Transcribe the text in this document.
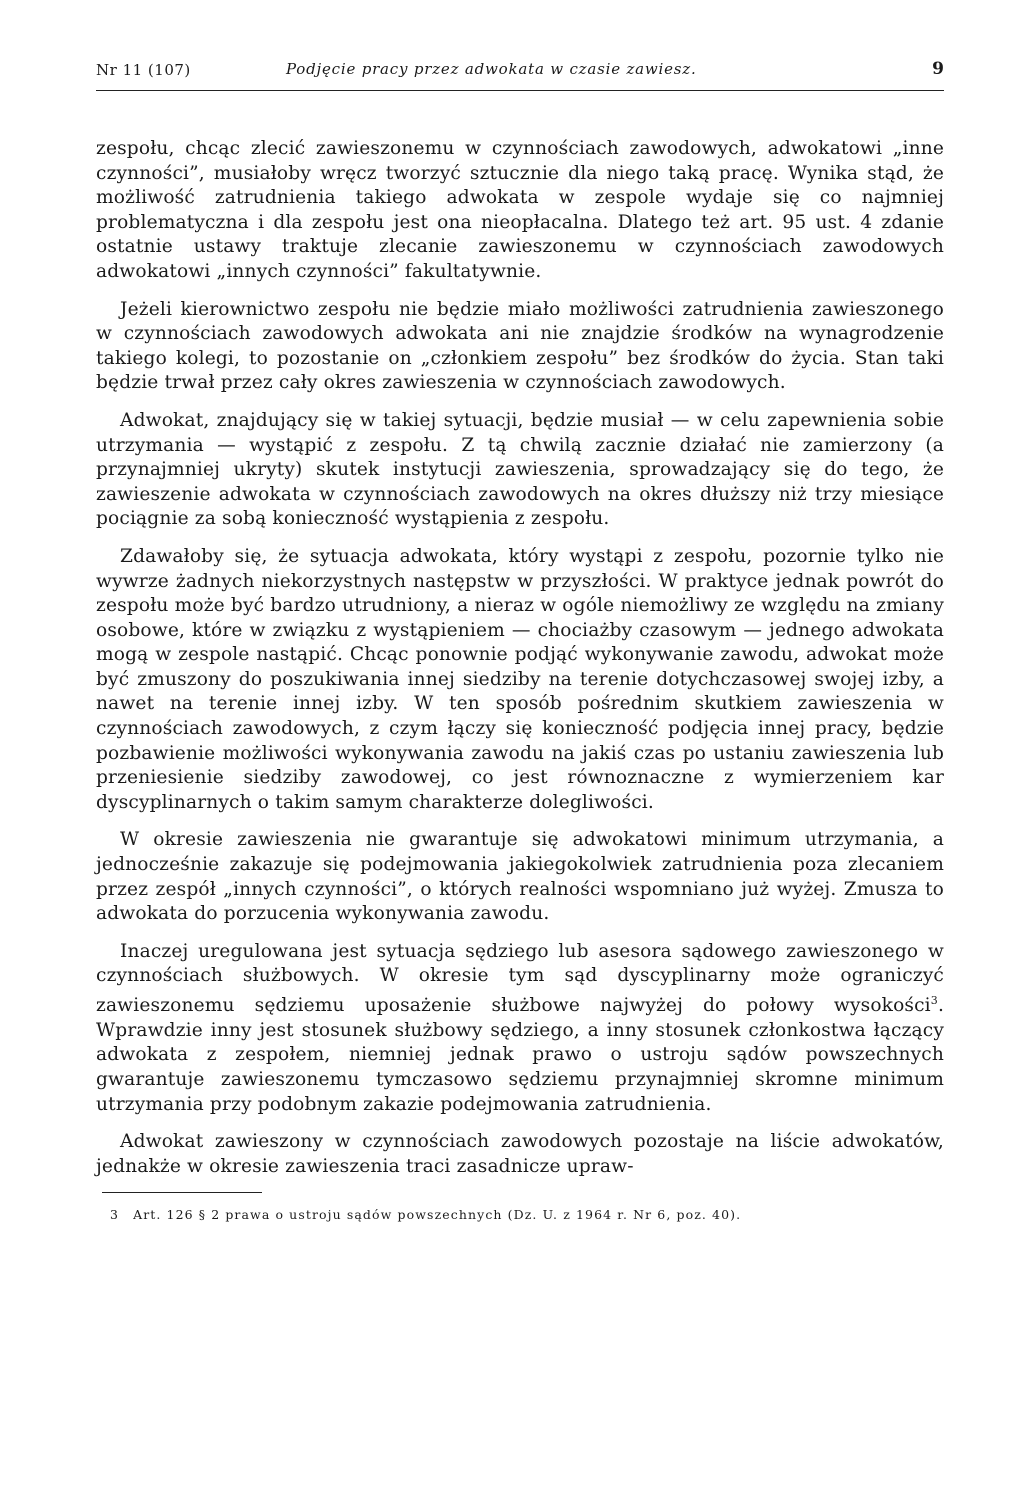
Nr 11 (107)	Podjęcie pracy przez adwokata w czasie zawiesz.	9

zespołu, chcąc zlecić zawieszonemu w czynnościach zawodowych, adwokatowi „inne czynności”, musiałoby wręcz tworzyć sztucznie dla niego taką pracę. Wynika stąd, że możliwość zatrudnienia takiego adwokata w zespole wydaje się co najmniej problematyczna i dla zespołu jest ona nieopłacalna. Dlatego też art. 95 ust. 4 zdanie ostatnie ustawy traktuje zlecanie zawieszonemu w czynnościach zawodowych adwokatowi „innych czynności” fakultatywnie.

Jeżeli kierownictwo zespołu nie będzie miało możliwości zatrudnienia zawieszonego w czynnościach zawodowych adwokata ani nie znajdzie środków na wynagrodzenie takiego kolegi, to pozostanie on „członkiem zespołu” bez środków do życia. Stan taki będzie trwał przez cały okres zawieszenia w czynnościach zawodowych.

Adwokat, znajdujący się w takiej sytuacji, będzie musiał — w celu zapewnienia sobie utrzymania — wystąpić z zespołu. Z tą chwilą zacznie działać nie zamierzony (a przynajmniej ukryty) skutek instytucji zawieszenia, sprowadzający się do tego, że zawieszenie adwokata w czynnościach zawodowych na okres dłuższy niż trzy miesiące pociągnie za sobą konieczność wystąpienia z zespołu.

Zdawałoby się, że sytuacja adwokata, który wystąpi z zespołu, pozornie tylko nie wywrze żadnych niekorzystnych następstw w przyszłości. W praktyce jednak powrót do zespołu może być bardzo utrudniony, a nieraz w ogóle niemożliwy ze względu na zmiany osobowe, które w związku z wystąpieniem — chociażby czasowym — jednego adwokata mogą w zespole nastąpić. Chcąc ponownie podjąć wykonywanie zawodu, adwokat może być zmuszony do poszukiwania innej siedziby na terenie dotychczasowej swojej izby, a nawet na terenie innej izby. W ten sposób pośrednim skutkiem zawieszenia w czynnościach zawodowych, z czym łączy się konieczność podjęcia innej pracy, będzie pozbawienie możliwości wykonywania zawodu na jakiś czas po ustaniu zawieszenia lub przeniesienie siedziby zawodowej, co jest równoznaczne z wymierzeniem kar dyscyplinarnych o takim samym charakterze dolegliwości.

W okresie zawieszenia nie gwarantuje się adwokatowi minimum utrzymania, a jednocześnie zakazuje się podejmowania jakiegokolwiek zatrudnienia poza zlecaniem przez zespół „innych czynności”, o których realności wspomniano już wyżej. Zmusza to adwokata do porzucenia wykonywania zawodu.

Inaczej uregulowana jest sytuacja sędziego lub asesora sądowego zawieszonego w czynnościach służbowych. W okresie tym sąd dyscyplinarny może ograniczyć zawieszonemu sędziemu uposażenie służbowe najwyżej do połowy wysokości$^3$. Wprawdzie inny jest stosunek służbowy sędziego, a inny stosunek członkostwa łączący adwokata z zespołem, niemniej jednak prawo o ustroju sądów powszechnych gwarantuje zawieszonemu tymczasowo sędziemu przynajmniej skromne minimum utrzymania przy podobnym zakazie podejmowania zatrudnienia.

Adwokat zawieszony w czynnościach zawodowych pozostaje na liście adwokatów, jednakże w okresie zawieszenia traci zasadnicze upraw-

3 Art. 126 § 2 prawa o ustroju sądów powszechnych (Dz. U. z 1964 r. Nr 6, poz. 40).
